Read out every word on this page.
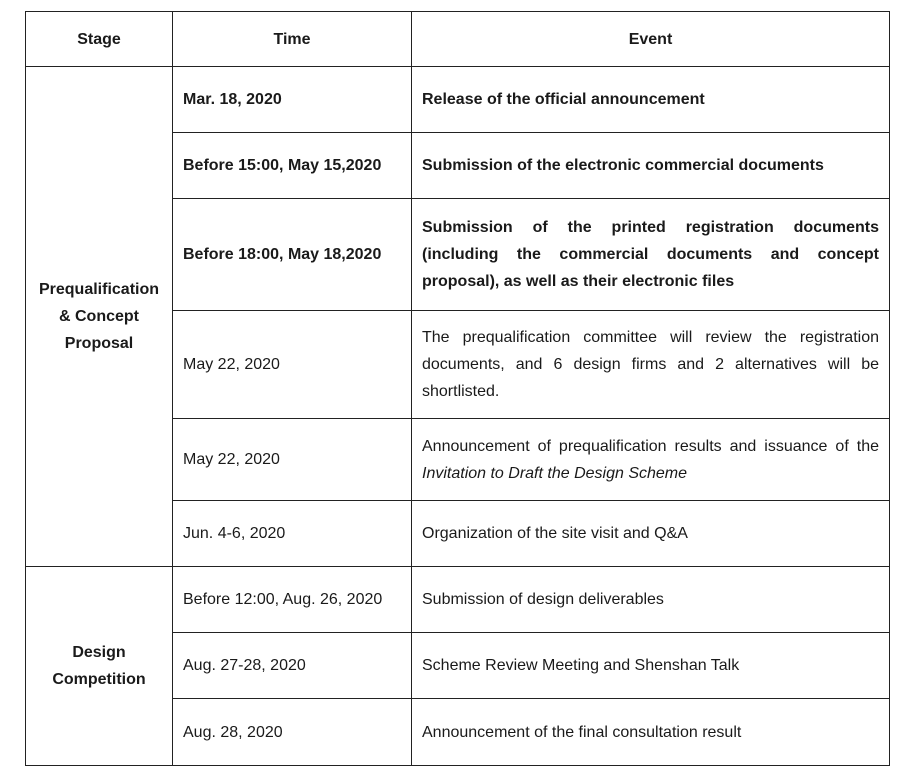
Stage	Time	Event
Prequalification & Concept Proposal	Mar. 18, 2020	Release of the official announcement
	Before 15:00, May 15,2020	Submission of the electronic commercial documents
	Before 18:00, May 18,2020	Submission of the printed registration documents (including the commercial documents and concept proposal), as well as their electronic files
	May 22, 2020	The prequalification committee will review the registration documents, and 6 design firms and 2 alternatives will be shortlisted.
	May 22, 2020	Announcement of prequalification results and issuance of the Invitation to Draft the Design Scheme
	Jun. 4-6, 2020	Organization of the site visit and Q&A
Design Competition	Before 12:00, Aug. 26, 2020	Submission of design deliverables
	Aug. 27-28, 2020	Scheme Review Meeting and Shenshan Talk
	Aug. 28, 2020	Announcement of the final consultation result
